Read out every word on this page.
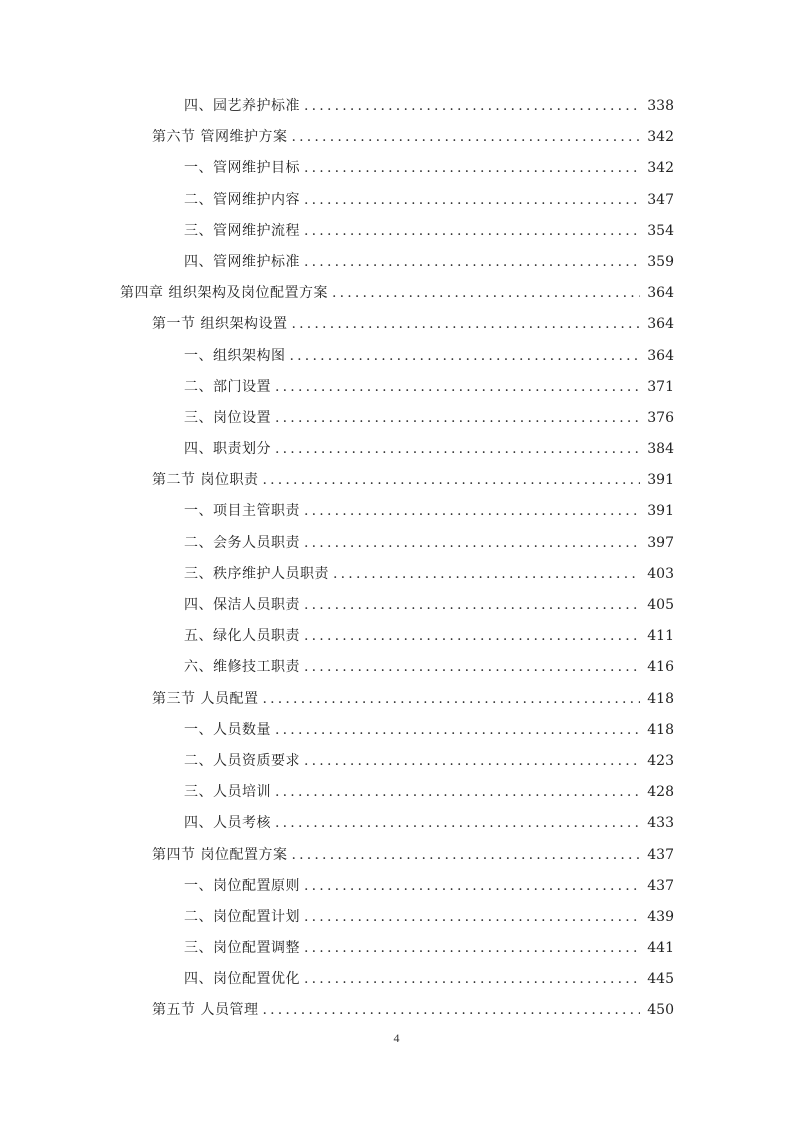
四、园艺养护标准 .....	338
第六节 管网维护方案 .....	342
一、管网维护目标 .....	342
二、管网维护内容 .....	347
三、管网维护流程 .....	354
四、管网维护标准 .....	359
第四章 组织架构及岗位配置方案 .....	364
第一节 组织架构设置 .....	364
一、组织架构图 .....	364
二、部门设置 .....	371
三、岗位设置 .....	376
四、职责划分 .....	384
第二节 岗位职责 .....	391
一、项目主管职责 .....	391
二、会务人员职责 .....	397
三、秩序维护人员职责 .....	403
四、保洁人员职责 .....	405
五、绿化人员职责 .....	411
六、维修技工职责 .....	416
第三节 人员配置 .....	418
一、人员数量 .....	418
二、人员资质要求 .....	423
三、人员培训 .....	428
四、人员考核 .....	433
第四节 岗位配置方案 .....	437
一、岗位配置原则 .....	437
二、岗位配置计划 .....	439
三、岗位配置调整 .....	441
四、岗位配置优化 .....	445
第五节 人员管理 .....	450
4
